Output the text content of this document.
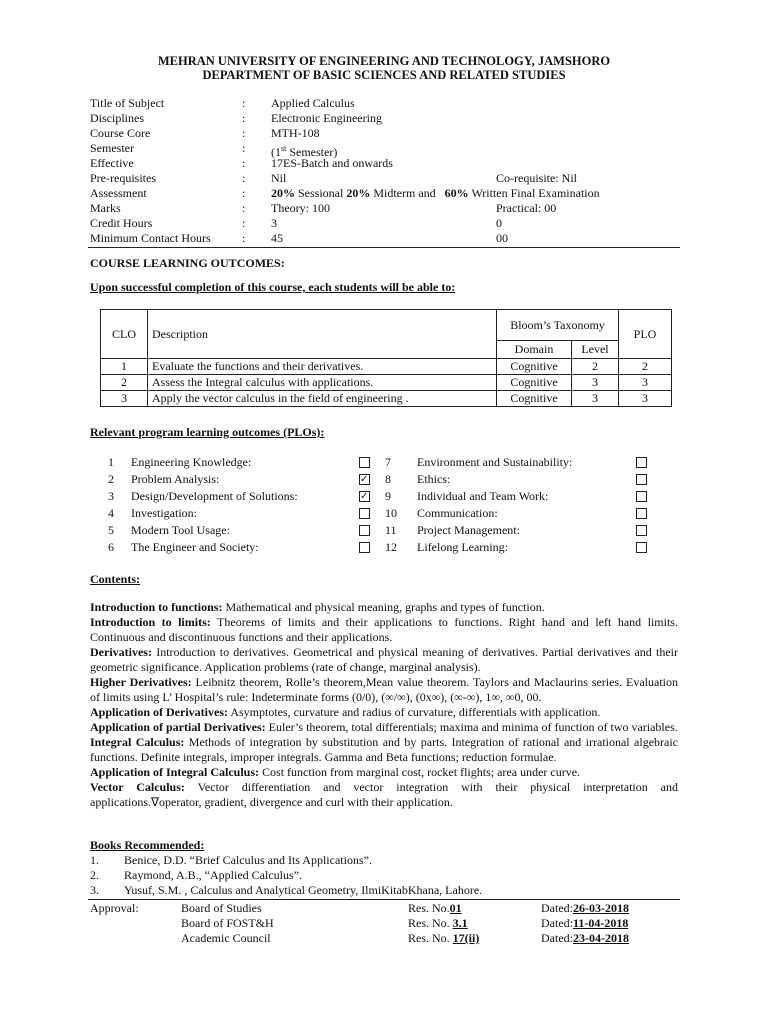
MEHRAN UNIVERSITY OF ENGINEERING AND TECHNOLOGY, JAMSHORO
DEPARTMENT OF BASIC SCIENCES AND RELATED STUDIES
Title of Subject	: Applied Calculus
Disciplines	: Electronic Engineering
Course Core	: MTH-108
Semester	: (1st Semester)
Effective	: 17ES-Batch and onwards
Pre-requisites	: Nil	Co-requisite: Nil
Assessment	: 20% Sessional 20% Midterm and   60% Written Final Examination
Marks	: Theory: 100	Practical: 00
Credit Hours	: 3	0
Minimum Contact Hours	: 45	00
COURSE LEARNING OUTCOMES:
Upon successful completion of this course, each students will be able to:
CLO	Description	Bloom’s Taxonomy		PLO
		Domain	Level	
1	Evaluate the functions and their derivatives.	Cognitive	2	2
2	Assess the Integral calculus with applications.	Cognitive	3	3
3	Apply the vector calculus in the field of engineering .	Cognitive	3	3
Relevant program learning outcomes (PLOs):
1 Engineering Knowledge:	7 Environment and Sustainability:
2 Problem Analysis: ✓	8 Ethics:
3 Design/Development of Solutions: ✓	9 Individual and Team Work:
4 Investigation:	10 Communication:
5 Modern Tool Usage:	11 Project Management:
6 The Engineer and Society:	12 Lifelong Learning:
Contents:

Introduction to functions: Mathematical and physical meaning, graphs and types of function.

Introduction to limits: Theorems of limits and their applications to functions. Right hand and left hand limits. Continuous and discontinuous functions and their applications.

Derivatives: Introduction to derivatives. Geometrical and physical meaning of derivatives. Partial derivatives and their geometric significance. Application problems (rate of change, marginal analysis).

Higher Derivatives: Leibnitz theorem, Rolle’s theorem,Mean value theorem. Taylors and Maclaurins series. Evaluation of limits using L’ Hospital’s rule: Indeterminate forms (0/0), (∞/∞), (0x∞), (∞-∞), 1∞, ∞0, 00.

Application of Derivatives: Asymptotes, curvature and radius of curvature, differentials with application.

Application of partial Derivatives: Euler’s theorem, total differentials; maxima and minima of function of two variables.

Integral Calculus: Methods of integration by substitution and by parts. Integration of rational and irrational algebraic functions. Definite integrals, improper integrals. Gamma and Beta functions; reduction formulae.

Application of Integral Calculus: Cost function from marginal cost, rocket flights; area under curve.

Vector Calculus: Vector differentiation and vector integration with their physical interpretation and applications.∇operator, gradient, divergence and curl with their application.

Books Recommended:
1. Benice, D.D. “Brief Calculus and Its Applications”.
2. Raymond, A.B., “Applied Calculus”.
3. Yusuf, S.M. , Calculus and Analytical Geometry, IlmiKitabKhana, Lahore.
Approval:	Board of Studies	Res. No.01	Dated:26-03-2018
Board of FOST&H	Res. No. 3.1	Dated:11-04-2018
Academic Council	Res. No. 17(ii)	Dated:23-04-2018
